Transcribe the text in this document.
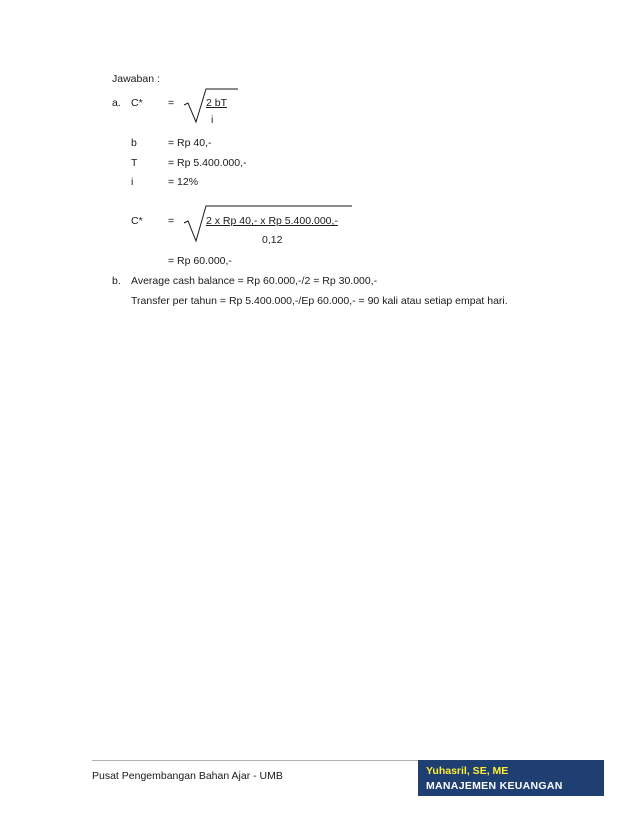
Jawaban :
a. C* =	2 bT
i
b	= Rp 40,-
T	= Rp 5.400.000,-
i	= 12%
C* =	2 x Rp 40,- x Rp 5.400.000,-
0,12
= Rp 60.000,-
b. Average cash balance = Rp 60.000,-/2 = Rp 30.000,-
Transfer per tahun = Rp 5.400.000,-/Ep 60.000,- = 90 kali atau setiap empat hari.
Pusat Pengembangan Bahan Ajar - UMB	Yuhasril, SE, ME
MANAJEMEN KEUANGAN
